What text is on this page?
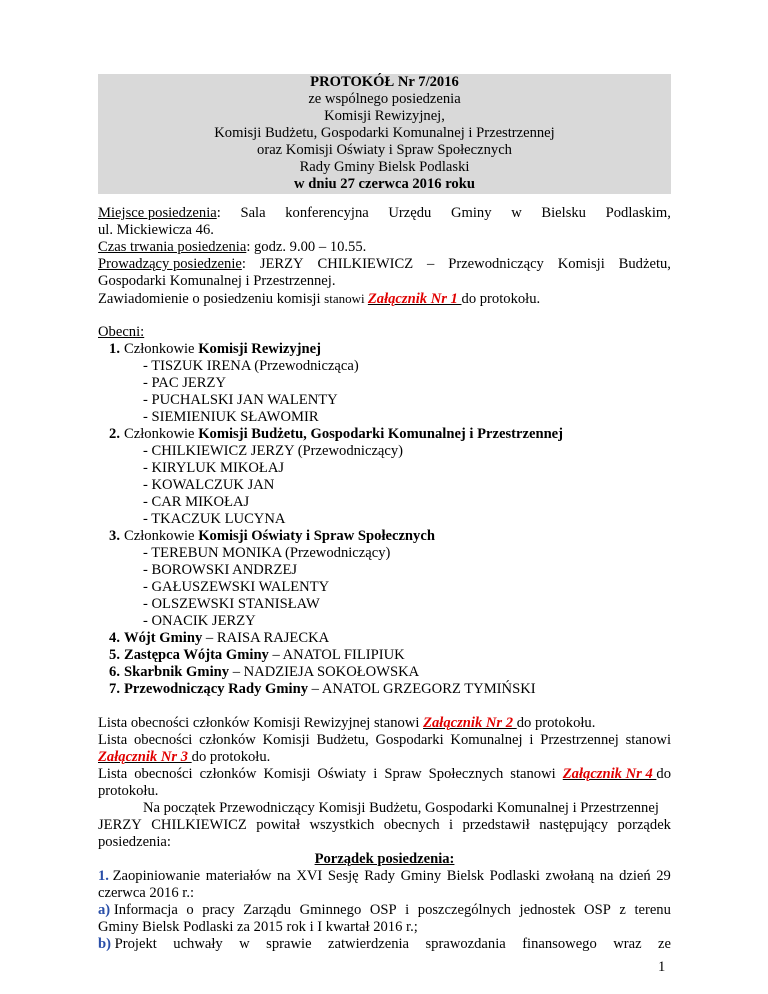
PROTOKÓŁ Nr 7/2016
ze wspólnego posiedzenia
Komisji Rewizyjnej,
Komisji Budżetu, Gospodarki Komunalnej i Przestrzennej
oraz Komisji Oświaty i Spraw Społecznych
Rady Gminy Bielsk Podlaski
w dniu 27 czerwca 2016 roku
Miejsce posiedzenia: Sala konferencyjna Urzędu Gminy w Bielsku Podlaskim,
ul. Mickiewicza 46.
Czas trwania posiedzenia: godz. 9.00 – 10.55.
Prowadzący posiedzenie: JERZY CHILKIEWICZ – Przewodniczący Komisji Budżetu,
Gospodarki Komunalnej i Przestrzennej.
Zawiadomienie o posiedzeniu komisji stanowi Załącznik Nr 1 do protokołu.
Obecni:
1. Członkowie Komisji Rewizyjnej
- TISZUK IRENA (Przewodnicząca)
- PAC JERZY
- PUCHALSKI JAN WALENTY
- SIEMIENIUK SŁAWOMIR
2. Członkowie Komisji Budżetu, Gospodarki Komunalnej i Przestrzennej
- CHILKIEWICZ JERZY (Przewodniczący)
- KIRYLUK MIKOŁAJ
- KOWALCZUK JAN
- CAR MIKOŁAJ
- TKACZUK LUCYNA
3. Członkowie Komisji Oświaty i Spraw Społecznych
- TEREBUN MONIKA (Przewodniczący)
- BOROWSKI ANDRZEJ
- GAŁUSZEWSKI WALENTY
- OLSZEWSKI STANISŁAW
- ONACIK JERZY
4. Wójt Gminy – RAISA RAJECKA
5. Zastępca Wójta Gminy – ANATOL FILIPIUK
6. Skarbnik Gminy – NADZIEJA SOKOŁOWSKA
7. Przewodniczący Rady Gminy – ANATOL GRZEGORZ TYMIŃSKI
Lista obecności członków Komisji Rewizyjnej stanowi Załącznik Nr 2 do protokołu.
Lista obecności członków Komisji Budżetu, Gospodarki Komunalnej i Przestrzennej stanowi
Załącznik Nr 3 do protokołu.
Lista obecności członków Komisji Oświaty i Spraw Społecznych stanowi Załącznik Nr 4 do
protokołu.
Na początek Przewodniczący Komisji Budżetu, Gospodarki Komunalnej i Przestrzennej
JERZY CHILKIEWICZ powitał wszystkich obecnych i przedstawił następujący porządek
posiedzenia:
Porządek posiedzenia:
1. Zaopiniowanie materiałów na XVI Sesję Rady Gminy Bielsk Podlaski zwołaną na dzień 29
czerwca 2016 r.:
a) Informacja o pracy Zarządu Gminnego OSP i poszczególnych jednostek OSP z terenu
Gminy Bielsk Podlaski za 2015 rok i I kwartał 2016 r.;
b) Projekt uchwały w sprawie zatwierdzenia sprawozdania finansowego wraz ze
1
